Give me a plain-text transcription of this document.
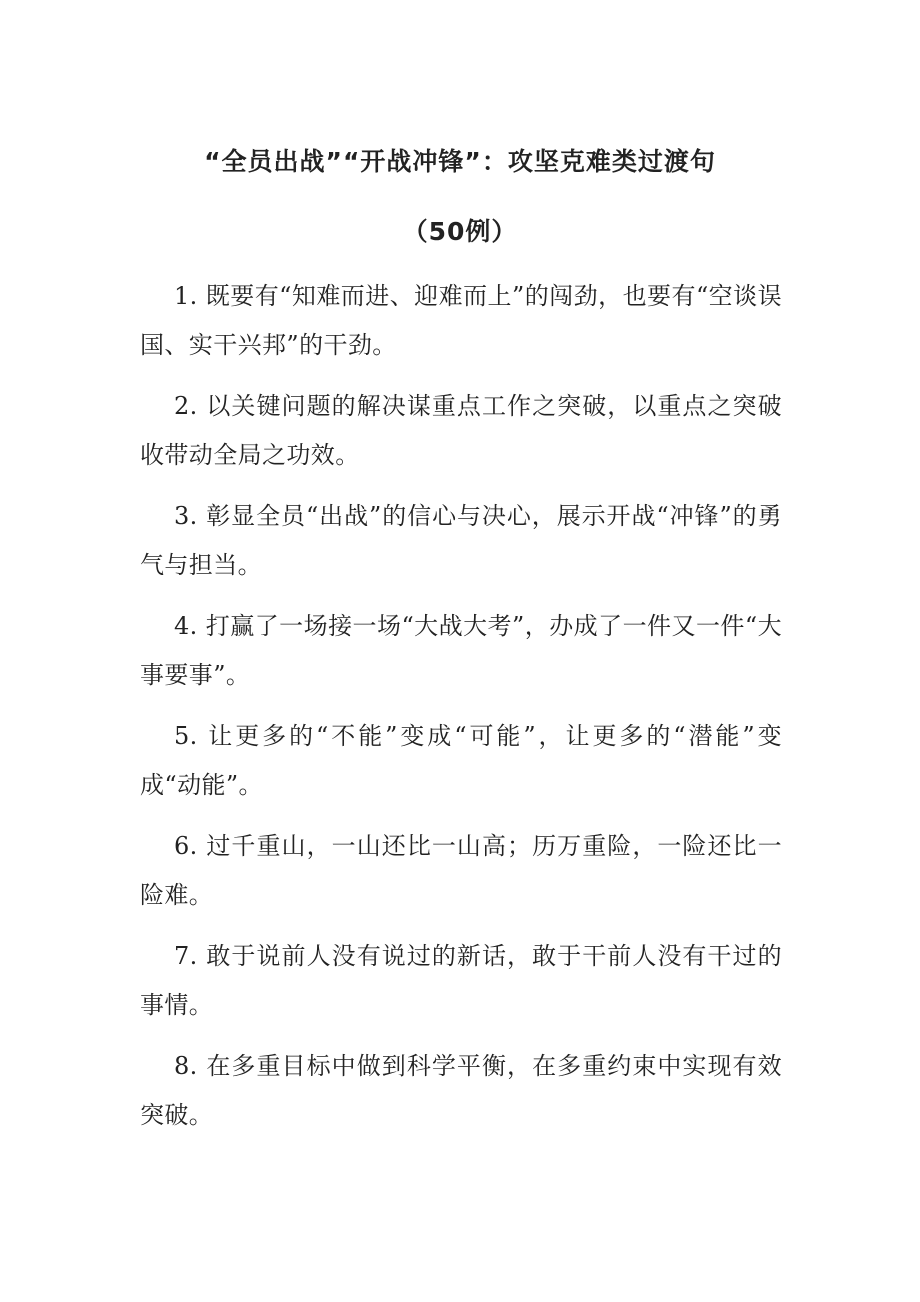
“全员出战”“开战冲锋”：攻坚克难类过渡句
（50例）

1. 既要有“知难而进、迎难而上”的闯劲，也要有“空谈误国、实干兴邦”的干劲。

2. 以关键问题的解决谋重点工作之突破，以重点之突破收带动全局之功效。

3. 彰显全员“出战”的信心与决心，展示开战“冲锋”的勇气与担当。

4. 打赢了一场接一场“大战大考”，办成了一件又一件“大事要事”。

5. 让更多的“不能”变成“可能”，让更多的“潜能”变成“动能”。

6. 过千重山，一山还比一山高；历万重险，一险还比一险难。

7. 敢于说前人没有说过的新话，敢于干前人没有干过的事情。

8. 在多重目标中做到科学平衡，在多重约束中实现有效突破。
